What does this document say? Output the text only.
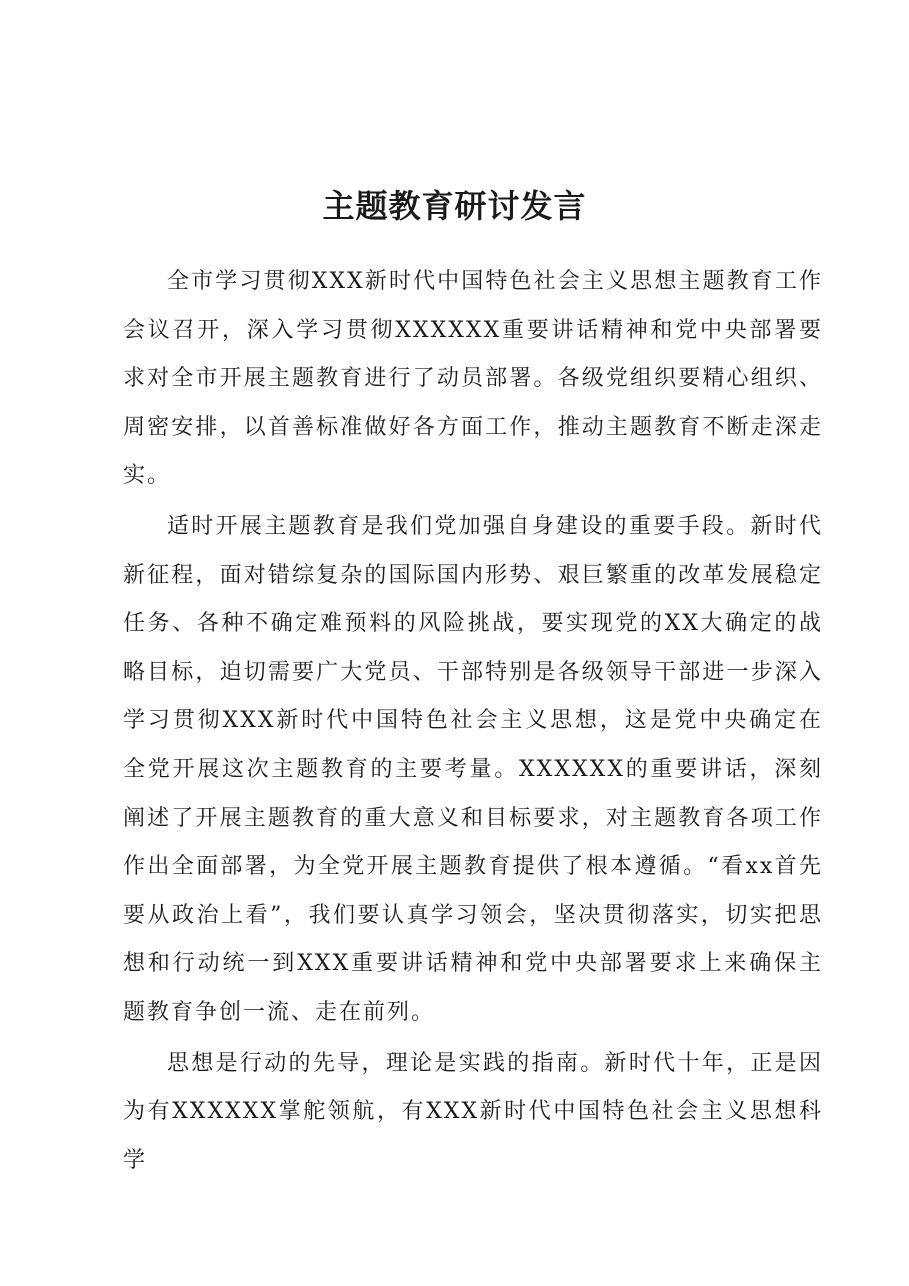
主题教育研讨发言

全市学习贯彻XXX新时代中国特色社会主义思想主题教育工作会议召开，深入学习贯彻XXXXXX重要讲话精神和党中央部署要求对全市开展主题教育进行了动员部署。各级党组织要精心组织、周密安排，以首善标准做好各方面工作，推动主题教育不断走深走实。

适时开展主题教育是我们党加强自身建设的重要手段。新时代新征程，面对错综复杂的国际国内形势、艰巨繁重的改革发展稳定任务、各种不确定难预料的风险挑战，要实现党的XX大确定的战略目标，迫切需要广大党员、干部特别是各级领导干部进一步深入学习贯彻XXX新时代中国特色社会主义思想，这是党中央确定在全党开展这次主题教育的主要考量。XXXXXX的重要讲话，深刻阐述了开展主题教育的重大意义和目标要求，对主题教育各项工作作出全面部署，为全党开展主题教育提供了根本遵循。“看xx首先要从政治上看”，我们要认真学习领会，坚决贯彻落实，切实把思想和行动统一到XXX重要讲话精神和党中央部署要求上来确保主题教育争创一流、走在前列。

思想是行动的先导，理论是实践的指南。新时代十年，正是因为有XXXXXX掌舵领航，有XXX新时代中国特色社会主义思想科学
